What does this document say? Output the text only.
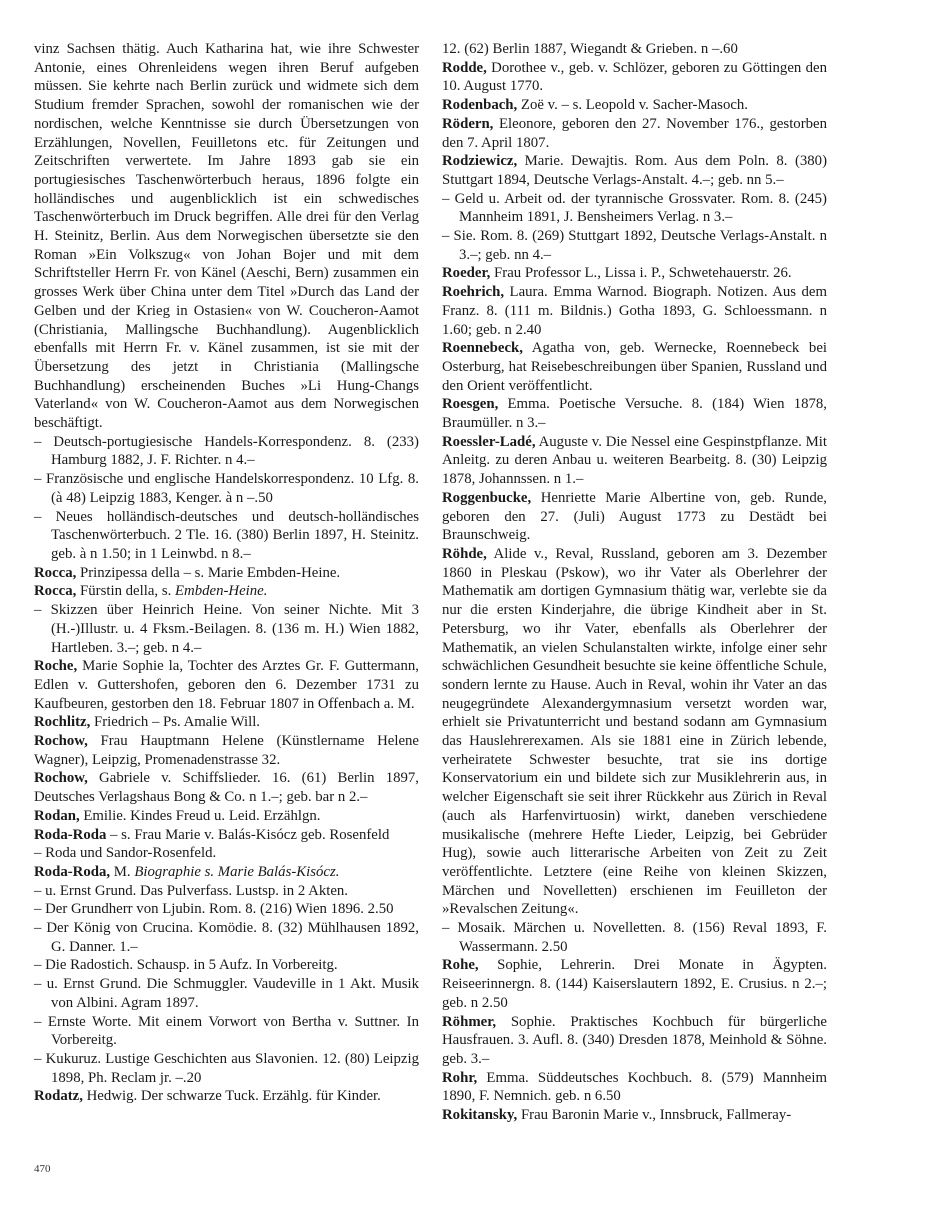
vinz Sachsen thätig. Auch Katharina hat, wie ihre Schwester Antonie, eines Ohrenleidens wegen ihren Beruf aufgeben müssen. Sie kehrte nach Berlin zurück und widmete sich dem Studium fremder Sprachen, sowohl der romanischen wie der nordischen, welche Kenntnisse sie durch Übersetzungen von Erzählungen, Novellen, Feuilletons etc. für Zeitungen und Zeitschriften verwertete. Im Jahre 1893 gab sie ein portugiesisches Taschenwörterbuch heraus, 1896 folgte ein holländisches und augenblicklich ist ein schwedisches Taschenwörterbuch im Druck begriffen. Alle drei für den Verlag H. Steinitz, Berlin. Aus dem Norwegischen übersetzte sie den Roman »Ein Volkszug« von Johan Bojer und mit dem Schriftsteller Herrn Fr. von Känel (Aeschi, Bern) zusammen ein grosses Werk über China unter dem Titel »Durch das Land der Gelben und der Krieg in Ostasien« von W. Coucheron-Aamot (Christiania, Mallingsche Buchhandlung). Augenblicklich ebenfalls mit Herrn Fr. v. Känel zusammen, ist sie mit der Übersetzung des jetzt in Christiania (Mallingsche Buchhandlung) erscheinenden Buches »Li Hung-Changs Vaterland« von W. Coucheron-Aamot aus dem Norwegischen beschäftigt.
– Deutsch-portugiesische Handels-Korrespondenz. 8. (233) Hamburg 1882, J. F. Richter. n 4.–
– Französische und englische Handelskorrespondenz. 10 Lfg. 8. (à 48) Leipzig 1883, Kenger. à n –.50
– Neues holländisch-deutsches und deutsch-holländisches Taschenwörterbuch. 2 Tle. 16. (380) Berlin 1897, H. Steinitz. geb. à n 1.50; in 1 Leinwbd. n 8.–
Rocca, Prinzipessa della – s. Marie Embden-Heine.
Rocca, Fürstin della, s. Embden-Heine.
– Skizzen über Heinrich Heine. Von seiner Nichte. Mit 3 (H.-)Illustr. u. 4 Fksm.-Beilagen. 8. (136 m. H.) Wien 1882, Hartleben. 3.–; geb. n 4.–
Roche, Marie Sophie la, Tochter des Arztes Gr. F. Guttermann, Edlen v. Guttershofen, geboren den 6. Dezember 1731 zu Kaufbeuren, gestorben den 18. Februar 1807 in Offenbach a. M.
Rochlitz, Friedrich – Ps. Amalie Will.
Rochow, Frau Hauptmann Helene (Künstlername Helene Wagner), Leipzig, Promenadenstrasse 32.
Rochow, Gabriele v. Schiffslieder. 16. (61) Berlin 1897, Deutsches Verlagshaus Bong & Co. n 1.–; geb. bar n 2.–
Rodan, Emilie. Kindes Freud u. Leid. Erzählgn.
Roda-Roda – s. Frau Marie v. Balás-Kisócz geb. Rosenfeld
– Roda und Sandor-Rosenfeld.
Roda-Roda, M. Biographie s. Marie Balás-Kisócz.
– u. Ernst Grund. Das Pulverfass. Lustsp. in 2 Akten.
– Der Grundherr von Ljubin. Rom. 8. (216) Wien 1896. 2.50
– Der König von Crucina. Komödie. 8. (32) Mühlhausen 1892, G. Danner. 1.–
– Die Radostich. Schausp. in 5 Aufz. In Vorbereitg.
– u. Ernst Grund. Die Schmuggler. Vaudeville in 1 Akt. Musik von Albini. Agram 1897.
– Ernste Worte. Mit einem Vorwort von Bertha v. Suttner. In Vorbereitg.
– Kukuruz. Lustige Geschichten aus Slavonien. 12. (80) Leipzig 1898, Ph. Reclam jr. –.20
Rodatz, Hedwig. Der schwarze Tuck. Erzählg. für Kinder.
12. (62) Berlin 1887, Wiegandt & Grieben. n –.60
Rodde, Dorothee v., geb. v. Schlözer, geboren zu Göttingen den 10. August 1770.
Rodenbach, Zoë v. – s. Leopold v. Sacher-Masoch.
Rödern, Eleonore, geboren den 27. November 176., gestorben den 7. April 1807.
Rodziewicz, Marie. Dewajtis. Rom. Aus dem Poln. 8. (380) Stuttgart 1894, Deutsche Verlags-Anstalt. 4.–; geb. nn 5.–
– Geld u. Arbeit od. der tyrannische Grossvater. Rom. 8. (245) Mannheim 1891, J. Bensheimers Verlag. n 3.–
– Sie. Rom. 8. (269) Stuttgart 1892, Deutsche Verlags-Anstalt. n 3.–; geb. nn 4.–
Roeder, Frau Professor L., Lissa i. P., Schwetehauerstr. 26.
Roehrich, Laura. Emma Warnod. Biograph. Notizen. Aus dem Franz. 8. (111 m. Bildnis.) Gotha 1893, G. Schloessmann. n 1.60; geb. n 2.40
Roennebeck, Agatha von, geb. Wernecke, Roennebeck bei Osterburg, hat Reisebeschreibungen über Spanien, Russland und den Orient veröffentlicht.
Roesgen, Emma. Poetische Versuche. 8. (184) Wien 1878, Braumüller. n 3.–
Roessler-Ladé, Auguste v. Die Nessel eine Gespinstpflanze. Mit Anleitg. zu deren Anbau u. weiteren Bearbeitg. 8. (30) Leipzig 1878, Johannssen. n 1.–
Roggenbucke, Henriette Marie Albertine von, geb. Runde, geboren den 27. (Juli) August 1773 zu Destädt bei Braunschweig.
Röhde, Alide v., Reval, Russland, geboren am 3. Dezember 1860 in Pleskau (Pskow), wo ihr Vater als Oberlehrer der Mathematik am dortigen Gymnasium thätig war, verlebte sie da nur die ersten Kinderjahre, die übrige Kindheit aber in St. Petersburg, wo ihr Vater, ebenfalls als Oberlehrer der Mathematik, an vielen Schulanstalten wirkte, infolge einer sehr schwächlichen Gesundheit besuchte sie keine öffentliche Schule, sondern lernte zu Hause. Auch in Reval, wohin ihr Vater an das neugegründete Alexandergymnasium versetzt worden war, erhielt sie Privatunterricht und bestand sodann am Gymnasium das Hauslehrerexamen. Als sie 1881 eine in Zürich lebende, verheiratete Schwester besuchte, trat sie ins dortige Konservatorium ein und bildete sich zur Musiklehrerin aus, in welcher Eigenschaft sie seit ihrer Rückkehr aus Zürich in Reval (auch als Harfenvirtuosin) wirkt, daneben verschiedene musikalische (mehrere Hefte Lieder, Leipzig, bei Gebrüder Hug), sowie auch litterarische Arbeiten von Zeit zu Zeit veröffentlichte. Letztere (eine Reihe von kleinen Skizzen, Märchen und Novelletten) erschienen im Feuilleton der »Revalschen Zeitung«.
– Mosaik. Märchen u. Novelletten. 8. (156) Reval 1893, F. Wassermann. 2.50
Rohe, Sophie, Lehrerin. Drei Monate in Ägypten. Reiseerinnergn. 8. (144) Kaiserslautern 1892, E. Crusius. n 2.–; geb. n 2.50
Röhmer, Sophie. Praktisches Kochbuch für bürgerliche Hausfrauen. 3. Aufl. 8. (340) Dresden 1878, Meinhold & Söhne. geb. 3.–
Rohr, Emma. Süddeutsches Kochbuch. 8. (579) Mannheim 1890, F. Nemnich. geb. n 6.50
Rokitansky, Frau Baronin Marie v., Innsbruck, Fallmeray-
470
